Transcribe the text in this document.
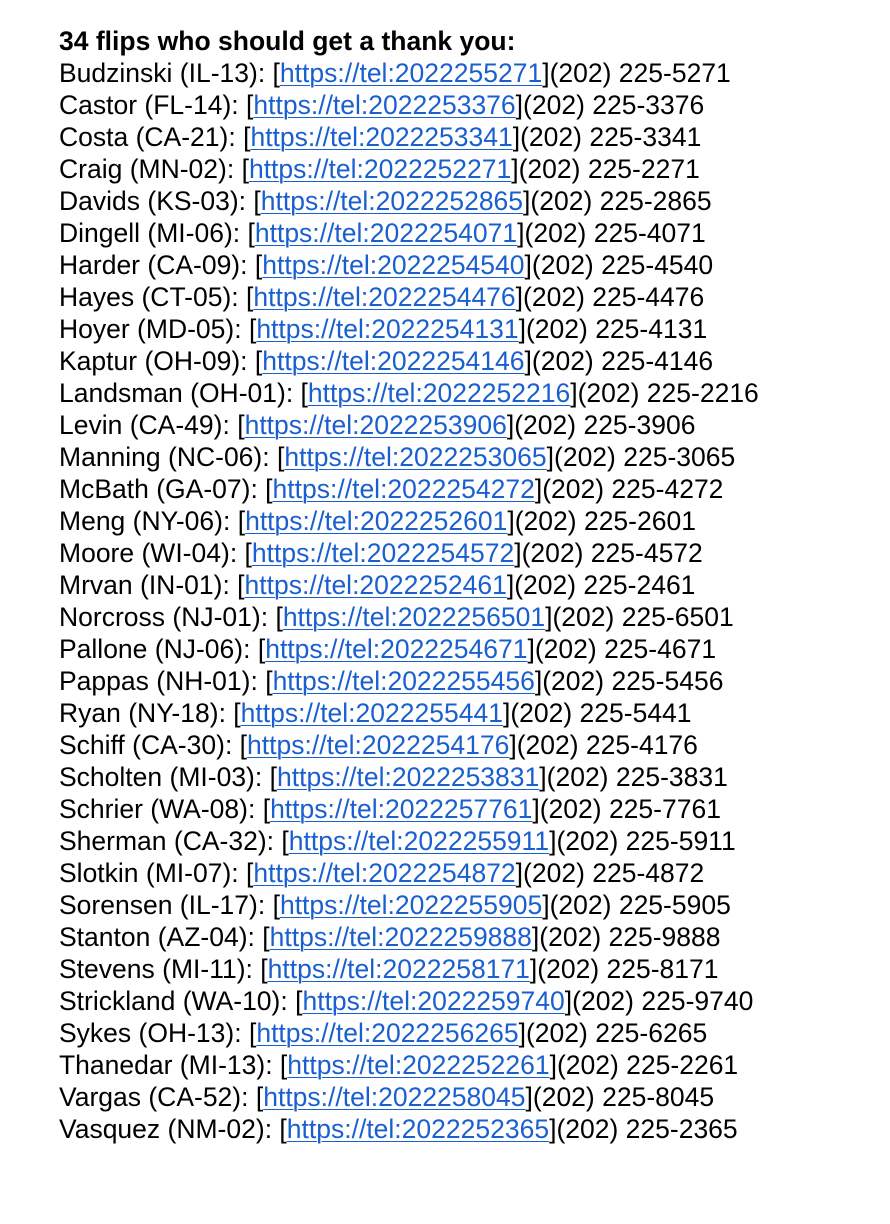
34 flips who should get a thank you:
Budzinski (IL-13): [https://tel:2022255271](202) 225-5271
Castor (FL-14): [https://tel:2022253376](202) 225-3376
Costa (CA-21): [https://tel:2022253341](202) 225-3341
Craig (MN-02): [https://tel:2022252271](202) 225-2271
Davids (KS-03): [https://tel:2022252865](202) 225-2865
Dingell (MI-06): [https://tel:2022254071](202) 225-4071
Harder (CA-09): [https://tel:2022254540](202) 225-4540
Hayes (CT-05): [https://tel:2022254476](202) 225-4476
Hoyer (MD-05): [https://tel:2022254131](202) 225-4131
Kaptur (OH-09): [https://tel:2022254146](202) 225-4146
Landsman (OH-01): [https://tel:2022252216](202) 225-2216
Levin (CA-49): [https://tel:2022253906](202) 225-3906
Manning (NC-06): [https://tel:2022253065](202) 225-3065
McBath (GA-07): [https://tel:2022254272](202) 225-4272
Meng (NY-06): [https://tel:2022252601](202) 225-2601
Moore (WI-04): [https://tel:2022254572](202) 225-4572
Mrvan (IN-01): [https://tel:2022252461](202) 225-2461
Norcross (NJ-01): [https://tel:2022256501](202) 225-6501
Pallone (NJ-06): [https://tel:2022254671](202) 225-4671
Pappas (NH-01): [https://tel:2022255456](202) 225-5456
Ryan (NY-18): [https://tel:2022255441](202) 225-5441
Schiff (CA-30): [https://tel:2022254176](202) 225-4176
Scholten (MI-03): [https://tel:2022253831](202) 225-3831
Schrier (WA-08): [https://tel:2022257761](202) 225-7761
Sherman (CA-32): [https://tel:2022255911](202) 225-5911
Slotkin (MI-07): [https://tel:2022254872](202) 225-4872
Sorensen (IL-17): [https://tel:2022255905](202) 225-5905
Stanton (AZ-04): [https://tel:2022259888](202) 225-9888
Stevens (MI-11): [https://tel:2022258171](202) 225-8171
Strickland (WA-10): [https://tel:2022259740](202) 225-9740
Sykes (OH-13): [https://tel:2022256265](202) 225-6265
Thanedar (MI-13): [https://tel:2022252261](202) 225-2261
Vargas (CA-52): [https://tel:2022258045](202) 225-8045
Vasquez (NM-02): [https://tel:2022252365](202) 225-2365
